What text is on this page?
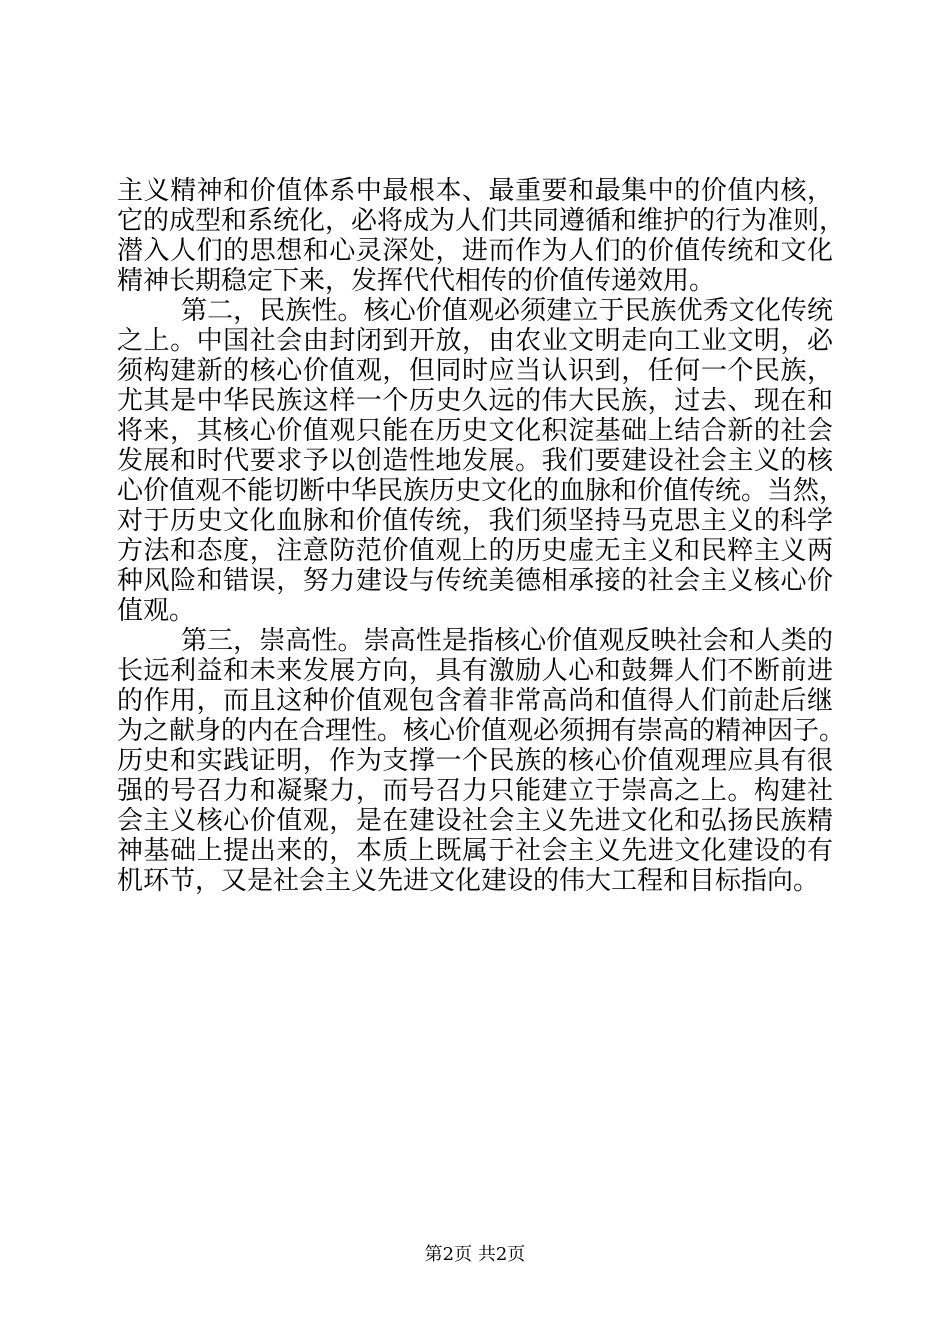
主义精神和价值体系中最根本、最重要和最集中的价值内核，
它的成型和系统化，必将成为人们共同遵循和维护的行为准则，
潜入人们的思想和心灵深处，进而作为人们的价值传统和文化
精神长期稳定下来，发挥代代相传的价值传递效用。
第二，民族性。核心价值观必须建立于民族优秀文化传统
之上。中国社会由封闭到开放，由农业文明走向工业文明，必
须构建新的核心价值观，但同时应当认识到，任何一个民族，
尤其是中华民族这样一个历史久远的伟大民族，过去、现在和
将来，其核心价值观只能在历史文化积淀基础上结合新的社会
发展和时代要求予以创造性地发展。我们要建设社会主义的核
心价值观不能切断中华民族历史文化的血脉和价值传统。当然，
对于历史文化血脉和价值传统，我们须坚持马克思主义的科学
方法和态度，注意防范价值观上的历史虚无主义和民粹主义两
种风险和错误，努力建设与传统美德相承接的社会主义核心价
值观。
第三，崇高性。崇高性是指核心价值观反映社会和人类的
长远利益和未来发展方向，具有激励人心和鼓舞人们不断前进
的作用，而且这种价值观包含着非常高尚和值得人们前赴后继
为之献身的内在合理性。核心价值观必须拥有崇高的精神因子。
历史和实践证明，作为支撑一个民族的核心价值观理应具有很
强的号召力和凝聚力，而号召力只能建立于崇高之上。构建社
会主义核心价值观，是在建设社会主义先进文化和弘扬民族精
神基础上提出来的，本质上既属于社会主义先进文化建设的有
机环节，又是社会主义先进文化建设的伟大工程和目标指向。
第2页 共2页
